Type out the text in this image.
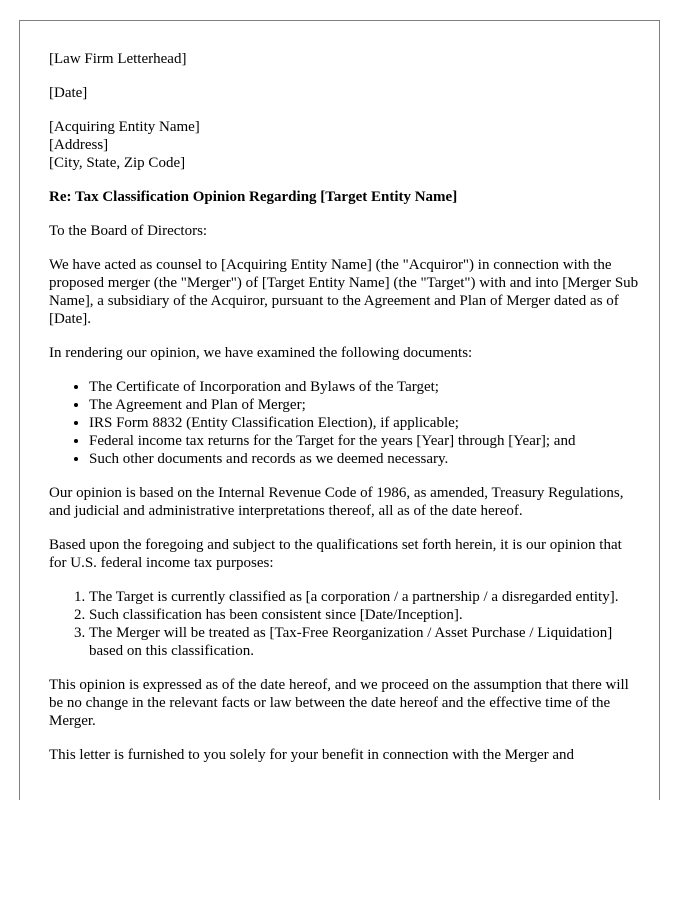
[Law Firm Letterhead]

[Date]

[Acquiring Entity Name]
[Address]
[City, State, Zip Code]

Re: Tax Classification Opinion Regarding [Target Entity Name]

To the Board of Directors:

We have acted as counsel to [Acquiring Entity Name] (the "Acquiror") in connection with the proposed merger (the "Merger") of [Target Entity Name] (the "Target") with and into [Merger Sub Name], a subsidiary of the Acquiror, pursuant to the Agreement and Plan of Merger dated as of [Date].

In rendering our opinion, we have examined the following documents:

• The Certificate of Incorporation and Bylaws of the Target;
• The Agreement and Plan of Merger;
• IRS Form 8832 (Entity Classification Election), if applicable;
• Federal income tax returns for the Target for the years [Year] through [Year]; and
• Such other documents and records as we deemed necessary.

Our opinion is based on the Internal Revenue Code of 1986, as amended, Treasury Regulations, and judicial and administrative interpretations thereof, all as of the date hereof.

Based upon the foregoing and subject to the qualifications set forth herein, it is our opinion that for U.S. federal income tax purposes:

1. The Target is currently classified as [a corporation / a partnership / a disregarded entity].
2. Such classification has been consistent since [Date/Inception].
3. The Merger will be treated as [Tax-Free Reorganization / Asset Purchase / Liquidation] based on this classification.

This opinion is expressed as of the date hereof, and we proceed on the assumption that there will be no change in the relevant facts or law between the date hereof and the effective time of the Merger.

This letter is furnished to you solely for your benefit in connection with the Merger and
